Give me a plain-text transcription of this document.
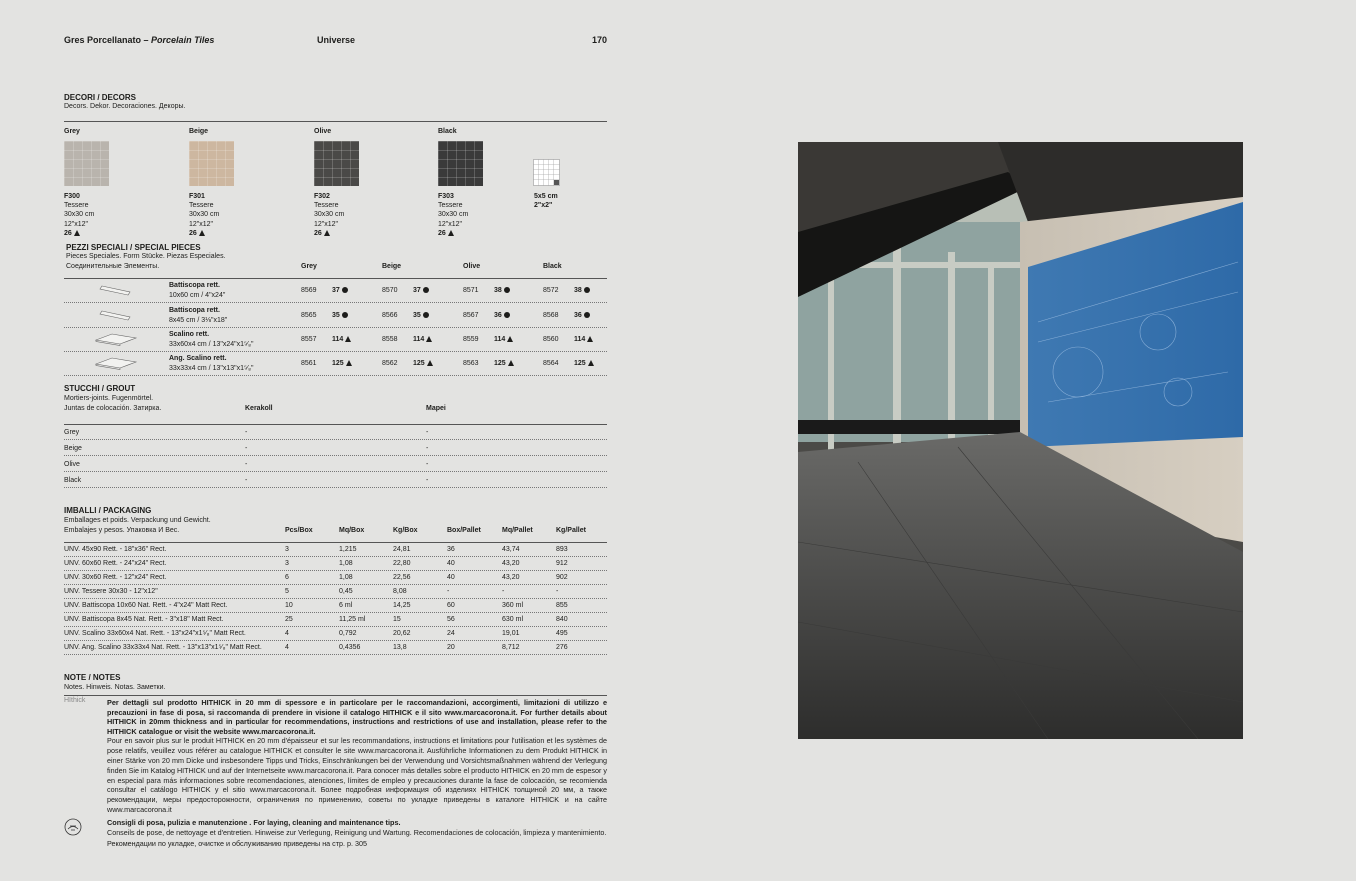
Gres Porcellanato – Porcelain Tiles	Universe	170
DECORI / DECORS
Decors. Dekor. Decoraciones. Декоры.
Grey
F300
Tessere
30x30 cm
12"x12"
26
Beige
F301
Tessere
30x30 cm
12"x12"
26
Olive
F302
Tessere
30x30 cm
12"x12"
26
Black
F303
Tessere
30x30 cm
12"x12"
26
5x5 cm
2"x2"
PEZZI SPECIALI / SPECIAL PIECES
Pieces Speciales. Form Stücke. Piezas Especiales.
Соединительные Элементы.	Grey	Beige	Olive	Black
Battiscopa rett.
10x60 cm / 4"x24"
8569 37	8570 37	8571 38	8572 38
Battiscopa rett.
8x45 cm / 3⅛"x18"
8565 35	8566 35	8567 36	8568 36
Scalino rett.
33x60x4 cm / 13"x24"x1⁵⁄₈"
8557 114	8558 114	8559 114	8560 114
Ang. Scalino rett.
33x33x4 cm / 13"x13"x1⁵⁄₈"
8561 125	8562 125	8563 125	8564 125
STUCCHI / GROUT
Mortiers-joints. Fugenmörtel.
Juntas de colocación. Затирка.	Kerakoll	Mapei
Grey	-	-
Beige	-	-
Olive	-	-
Black	-	-
IMBALLI / PACKAGING
Emballages et poids. Verpackung und Gewicht.
Embalajes y pesos. Упаковка И Вес.	Pcs/Box	Mq/Box	Kg/Box	Box/Pallet	Mq/Pallet	Kg/Pallet
UNV. 45x90 Rett. - 18"x36" Rect.	3	1,215	24,81	36	43,74	893
UNV. 60x60 Rett. - 24"x24" Rect.	3	1,08	22,80	40	43,20	912
UNV. 30x60 Rett. - 12"x24" Rect.	6	1,08	22,56	40	43,20	902
UNV. Tessere 30x30 - 12"x12"	5	0,45	8,08	-	-	-
UNV. Battiscopa 10x60 Nat. Rett. - 4"x24" Matt Rect.	10	6 ml	14,25	60	360 ml	855
UNV. Battiscopa 8x45 Nat. Rett. - 3"x18" Matt Rect.	25	11,25 ml	15	56	630 ml	840
UNV. Scalino 33x60x4 Nat. Rett. - 13"x24"x1⁵⁄₈" Matt Rect.	4	0,792	20,62	24	19,01	495
UNV. Ang. Scalino 33x33x4 Nat. Rett. - 13"x13"x1⁵⁄₈" Matt Rect.	4	0,4356	13,8	20	8,712	276
NOTE / NOTES
Notes. Hinweis. Notas. Заметки.
HIthick	Per dettagli sul prodotto HITHICK in 20 mm di spessore e in particolare per le raccomandazioni, accorgimenti, limitazioni di utilizzo e precauzioni in fase di posa, si raccomanda di prendere in visione il catalogo HITHICK e il sito www.marcacorona.it. For further details about HITHICK in 20mm thickness and in particular for recommendations, instructions and restrictions of use and installation, please refer to the HITHICK catalogue or visit the website www.marcacorona.it.

Pour en savoir plus sur le produit HITHICK en 20 mm d'épaisseur et sur les recommandations, instructions et limitations pour l'utilisation et les systèmes de pose relatifs, veuillez vous référer au catalogue HITHICK et consulter le site www.marcacorona.it. Ausführliche Informationen zu dem Produkt HITHICK in einer Stärke von 20 mm Dicke und insbesondere Tipps und Tricks, Einschränkungen bei der Verwendung und Vorsichtsmaßnahmen während der Verlegung finden Sie im Katalog HITHICK und auf der Internetseite www.marcacorona.it. Para conocer más detalles sobre el producto HITHICK en 20 mm de espesor y en especial para más informaciones sobre recomendaciones, atenciones, límites de empleo y precauciones durante la fase de colocación, se recomienda consultar el catálogo HITHICK y el sitio www.marcacorona.it. Более подробная информация об изделиях HITHICK толщиной 20 мм, а также рекомендации, меры предосторожности, ограничения по применению, советы по укладке приведены в каталоге HITHICK и на сайте www.marcacorona.it

Consigli di posa, pulizia e manutenzione . For laying, cleaning and maintenance tips.
Conseils de pose, de nettoyage et d'entretien. Hinweise zur Verlegung, Reinigung und Wartung. Recomendaciones de colocación, limpieza y mantenimiento. Рекомендации по укладке, очистке и обслуживанию приведены на стр. р. 305
